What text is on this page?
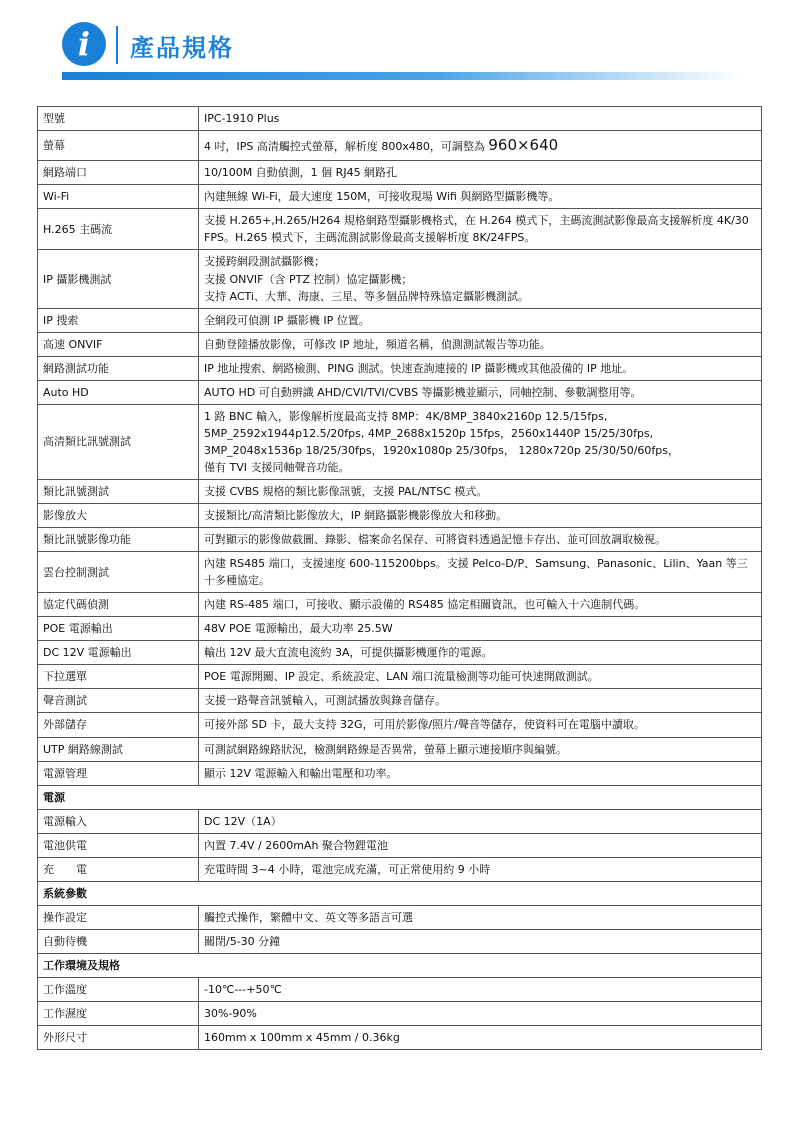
i	產品規格
型號	IPC-1910 Plus

螢幕	4 吋，IPS 高清觸控式螢幕，解析度 800x480，可調整為 960×640
網路端口	10/100M 自動偵測，1 個 RJ45 網路孔

Wi-Fi	內建無線 Wi-Fi，最大速度 150M，可接收現場 Wifi 與網路型攝影機等。

H.265 主碼流	支援 H.265+,H.265/H264 規格網路型攝影機格式，在 H.264 模式下，主碼流測試影像最高支援解析度 4K/30 FPS。H.265 模式下，主碼流測試影像最高支援解析度 8K/24FPS。

IP 攝影機測試	支援跨網段測試攝影機；
支援 ONVIF（含 PTZ 控制）協定攝影機；
支持 ACTi、大華、海康、三星、等多個品牌特殊協定攝影機測試。

IP 搜索	全網段可偵測 IP 攝影機 IP 位置。

高速 ONVIF	自動登陸播放影像，可修改 IP 地址，頻道名稱，偵測測試報告等功能。

網路測試功能	IP 地址搜索、網路檢測、PING 測試。快速查詢連接的 IP 攝影機或其他設備的 IP 地址。

Auto HD	AUTO HD 可自動辨識 AHD/CVI/TVI/CVBS 等攝影機並顯示，同軸控制、參數調整用等。

高清類比訊號測試	1 路 BNC 輸入，影像解析度最高支持 8MP：4K/8MP_3840x2160p 12.5/15fps,
5MP_2592x1944p12.5/20fps, 4MP_2688x1520p 15fps，2560x1440P 15/25/30fps,
3MP_2048x1536p 18/25/30fps，1920x1080p 25/30fps， 1280x720p 25/30/50/60fps，
僅有 TVI 支援同軸聲音功能。

類比訊號測試	支援 CVBS 規格的類比影像訊號，支援 PAL/NTSC 模式。

影像放大	支援類比/高清類比影像放大，IP 網路攝影機影像放大和移動。

類比訊號影像功能	可對顯示的影像做截圖、錄影、檔案命名保存、可將資料透過記憶卡存出、並可回放調取檢視。

雲台控制測試	內建 RS485 端口，支援速度 600-115200bps。支援 Pelco-D/P、Samsung、Panasonic、Lilin、Yaan 等三十多種協定。

協定代碼偵測	內建 RS-485 端口，可接收、顯示設備的 RS485 協定相關資訊，也可輸入十六進制代碼。

POE 電源輸出	48V POE 電源輸出，最大功率 25.5W

DC 12V 電源輸出	輸出 12V 最大直流电流約 3A，可提供攝影機運作的電源。

下拉選單	POE 電源開關、IP 設定、系統設定、LAN 端口流量檢測等功能可快速開啟測試。

聲音測試	支援一路聲音訊號輸入，可測試播放與錄音儲存。

外部儲存	可接外部 SD 卡，最大支持 32G，可用於影像/照片/聲音等儲存，使資料可在電腦中讀取。

UTP 網路線測試	可測試網路線路狀況，檢測網路線是否異常，螢幕上顯示連接順序與編號。

電源管理	顯示 12V 電源輸入和輸出電壓和功率。

電源	
電源輸入	DC 12V（1A）

電池供電	內置 7.4V / 2600mAh 聚合物鋰電池

充　　電	充電時間 3~4 小時，電池完成充滿，可正常使用約 9 小時

系統參數	
操作設定	觸控式操作，繁體中文、英文等多語言可選

自動待機	關閉/5-30 分鐘

工作環境及規格	
工作溫度	-10℃---+50℃

工作濕度	30%-90%

外形尺寸	160mm x 100mm x 45mm / 0.36kg
